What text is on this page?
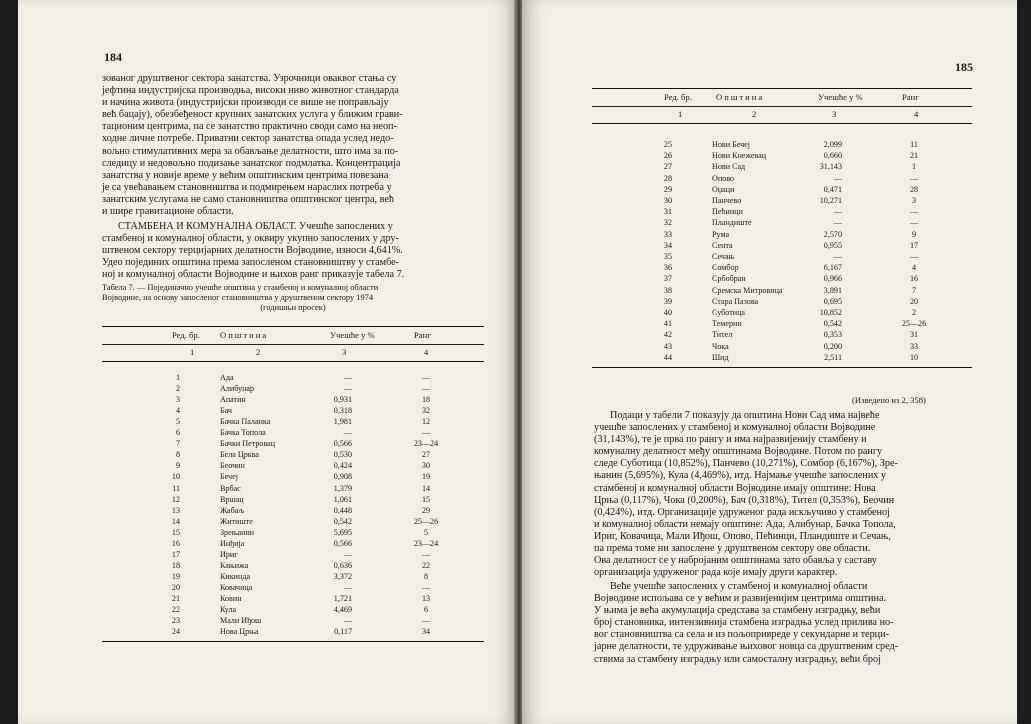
184

зованог друштвеног сектора занатства. Узрочници оваквог стања су
јефтина индустријска производња, високи ниво животног стандарда
и начина живота (индустријски производи се више не поправљају
већ бацају), обезбеђеност крупних занатских услуга у ближим грави-
тационим центрима, па се занатство практично своди само на неоп-
ходне личне потребе. Приватни сектор занатства опада услед недо-
вољно стимулативних мера за обављање делатности, што има за по-
следицу и недовољно подизање занатског подмлатка. Концентрација
занатства у новије време у већим општинским центрима повезана
је са увећавањем становништва и подмирењем нараслих потреба у
занатским услугама не само становништва општинског центра, већ
и шире гравитационе области.

СТАМБЕНА И КОМУНАЛНА ОБЛАСТ. Учешће запослених у
стамбеној и комуналној области, у оквиру укупно запослених у дру-
штвеном сектору терцијарних делатности Војводине, износи 4,641%.
Удео појединих општина према запосленом становништву у стамбе-
ној и комуналној области Војводине и њихов ранг приказује табела 7.

Табела 7. — Појединачно учешће општина у стамбеној и комуналној области
Војводине, на основу запосленог становништва у друштвеном сектору 1974
(годишњи просек)
Ред. бр. Општина	Учешће у %	Ранг
1	2	3	4
1	Ада	—	—
2	Алибунар	—	—
3	Апатин	0,931	18
4	Бач	0,318	32
5	Бачка Паланка	1,981	12
6	Бачка Топола	—	—
7	Бачки Петровац	0,566	23—24
8	Бела Црква	0,530	27
9	Беочин	0,424	30
10	Бечеј	0,908	19
11	Врбас	1,379	14
12	Вршац	1,061	15
13	Жабаљ	0,448	29
14	Житиште	0,542	25—26
15	Зрењанин	5,695	5
16	Инђија	0,566	23—24
17	Ириг	—	—
18	Кањижа	0,636	22
19	Кикинда	3,372	8
20	Ковачица	—	—
21	Ковин	1,721	13
22	Кула	4,469	6
23	Мали Иђош	—	—
24	Нова Црња	0,117	34
185
Ред. бр.	Општина	Учешће у %	Ранг
1	2	3	4
25	Нови Бечеј	2,099	11
26	Нови Кнежевац	0,660	21
27	Нови Сад	31,143	1
28	Опово	—	—
29	Оџаци	0,471	28
30	Панчево	10,271	3
31	Пећинци	—	—
32	Пландиште	—	—
33	Рума	2,570	9
34	Сента	0,955	17
35	Сечањ	—	—
36	Сомбор	6,167	4
37	Србобран	0,966	16
38	Сремска Митровица	3,891	7
39	Стара Пазова	0,695	20
40	Суботица	10,852	2
41	Темерин	0,542	25—26
42	Тител	0,353	31
43	Чока	0,200	33
44	Шид	2,511	10
(Изведено из 2, 358)

Подаци у табели 7 показују да општина Нови Сад има највеће
учешће запослених у стамбеној и комуналној области Војводине
(31,143%), те је прва по рангу и има најразвијенију стамбену и
комуналну делатност међу општинама Војводине. Потом по рангу
следе Суботица (10,852%), Панчево (10,271%), Сомбор (6,167%), Зре-
њанин (5,695%), Кула (4,469%), итд. Најмање учешће запослених у
стамбеној и комуналној области Војводине имају општине: Нова
Црња (0,117%), Чока (0,200%), Бач (0,318%), Тител (0,353%), Беочин
(0,424%), итд. Организације удруженог рада искључиво у стамбеној
и комуналној области немају општине: Ада, Алибунар, Бачка Топола,
Ириг, Ковачица, Мали Иђош, Опово, Пећинци, Пландиште и Сечањ,
па према томе ни запослене у друштвеном сектору ове области.
Ова делатност се у набројаним општинама зато обавља у саставу
организација удруженог рада које имају други карактер.

Веће учешће запослених у стамбеној и комуналној области
Војводине испољава се у већим и развијенијим центрима општина.
У њима је већа акумулација средстава за стамбену изградњу, већи
број становника, интензивнија стамбена изградња услед прилива но-
вог становништва са села и из пољопривреде у секундарне и терци-
јарне делатности, те удруживање њиховог новца са друштвеним сред-
ствима за стамбену изградњу или самосталну изградњу, већи број
